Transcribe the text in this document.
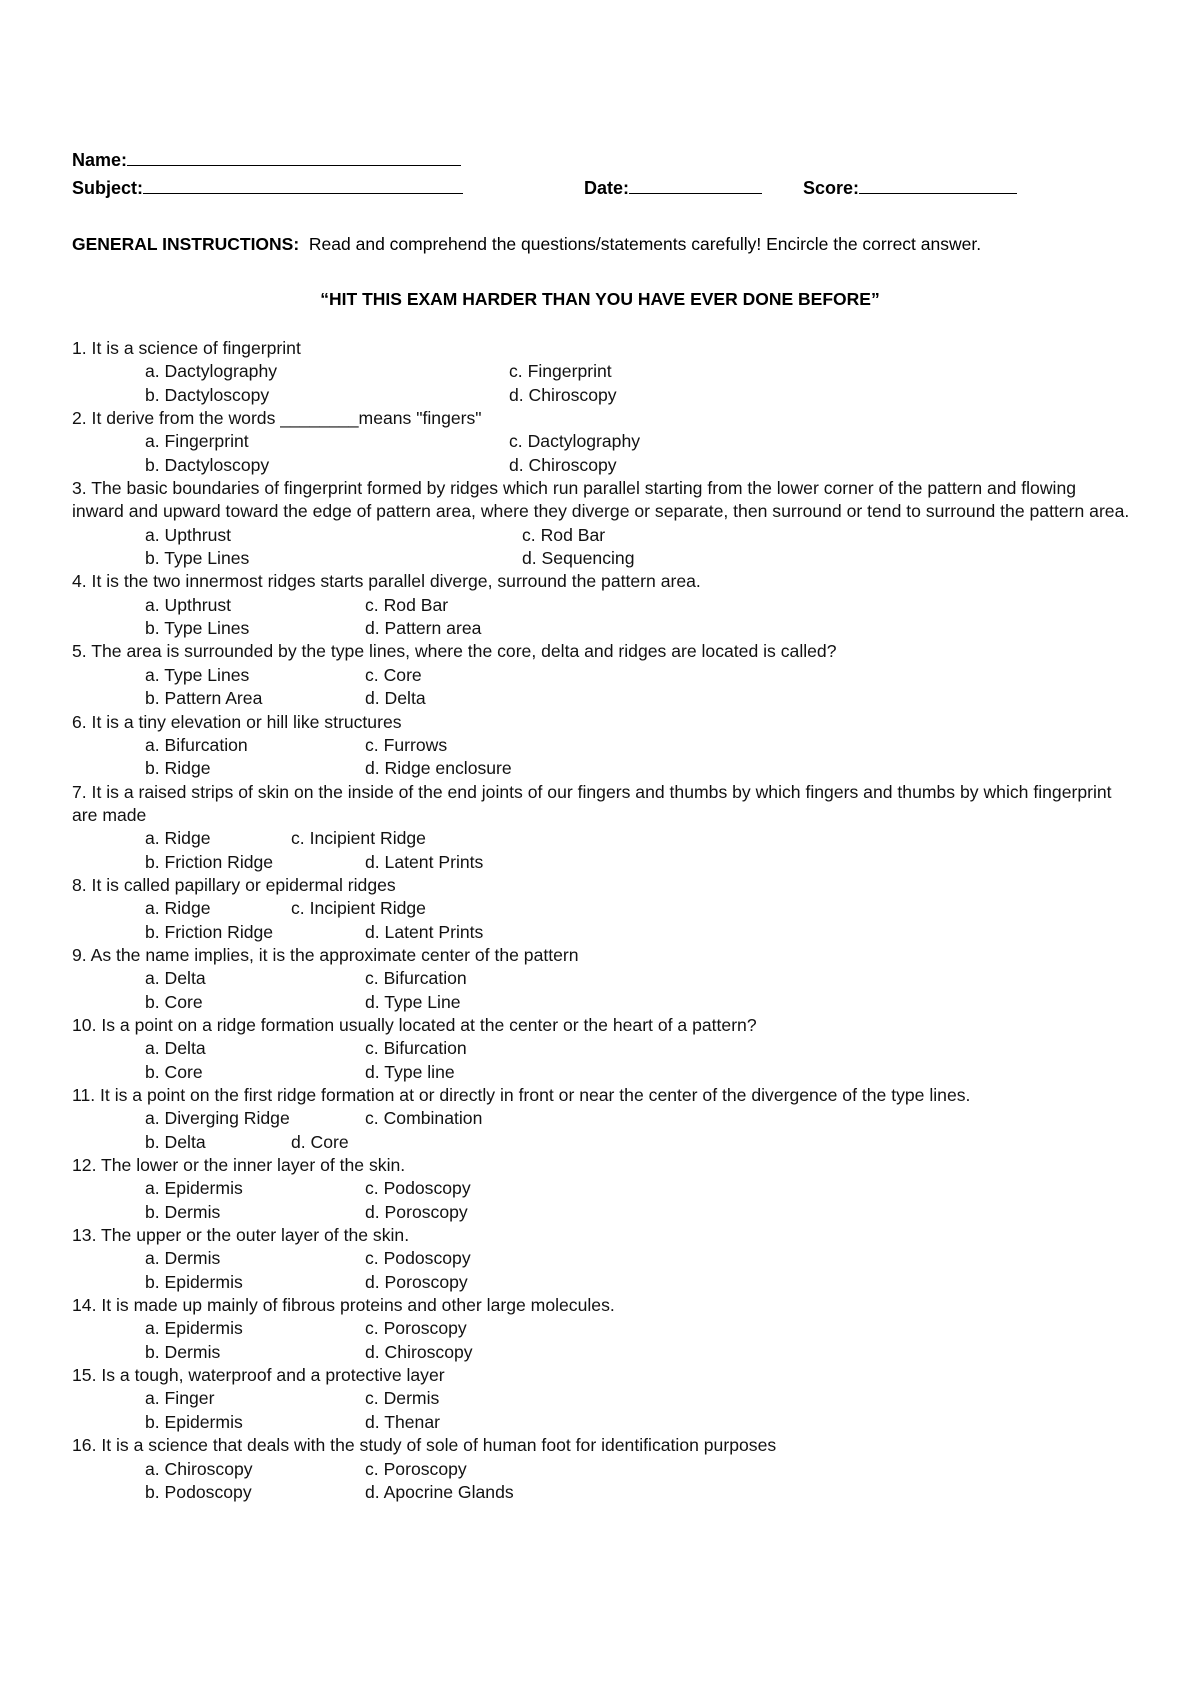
Name:
Subject:	Date:	Score:
GENERAL INSTRUCTIONS: Read and comprehend the questions/statements carefully! Encircle the correct answer.
“HIT THIS EXAM HARDER THAN YOU HAVE EVER DONE BEFORE”
1. It is a science of fingerprint
a. Dactylography	c. Fingerprint
b. Dactyloscopy	d. Chiroscopy
2. It derive from the words ________means "fingers"
a. Fingerprint	c. Dactylography
b. Dactyloscopy	d. Chiroscopy
3. The basic boundaries of fingerprint formed by ridges which run parallel starting from the lower corner of the pattern and flowing inward and upward toward the edge of pattern area, where they diverge or separate, then surround or tend to surround the pattern area.
a. Upthrust	c. Rod Bar
b. Type Lines	d. Sequencing
4. It is the two innermost ridges starts parallel diverge, surround the pattern area.
a. Upthrust	c. Rod Bar
b. Type Lines	d. Pattern area
5. The area is surrounded by the type lines, where the core, delta and ridges are located is called?
a. Type Lines	c. Core
b. Pattern Area	d. Delta
6. It is a tiny elevation or hill like structures
a. Bifurcation	c. Furrows
b. Ridge	d. Ridge enclosure
7. It is a raised strips of skin on the inside of the end joints of our fingers and thumbs by which fingers and thumbs by which fingerprint are made
a. Ridge	c. Incipient Ridge
b. Friction Ridge	d. Latent Prints
8. It is called papillary or epidermal ridges
a. Ridge	c. Incipient Ridge
b. Friction Ridge	d. Latent Prints
9. As the name implies, it is the approximate center of the pattern
a. Delta	c. Bifurcation
b. Core	d. Type Line
10. Is a point on a ridge formation usually located at the center or the heart of a pattern?
a. Delta	c. Bifurcation
b. Core	d. Type line
11. It is a point on the first ridge formation at or directly in front or near the center of the divergence of the type lines.
a. Diverging Ridge	c. Combination
b. Delta	d. Core
12. The lower or the inner layer of the skin.
a. Epidermis	c. Podoscopy
b. Dermis	d. Poroscopy
13. The upper or the outer layer of the skin.
a. Dermis	c. Podoscopy
b. Epidermis	d. Poroscopy
14. It is made up mainly of fibrous proteins and other large molecules.
a. Epidermis	c. Poroscopy
b. Dermis	d. Chiroscopy
15. Is a tough, waterproof and a protective layer
a. Finger	c. Dermis
b. Epidermis	d. Thenar
16. It is a science that deals with the study of sole of human foot for identification purposes
a. Chiroscopy	c. Poroscopy
b. Podoscopy	d. Apocrine Glands
